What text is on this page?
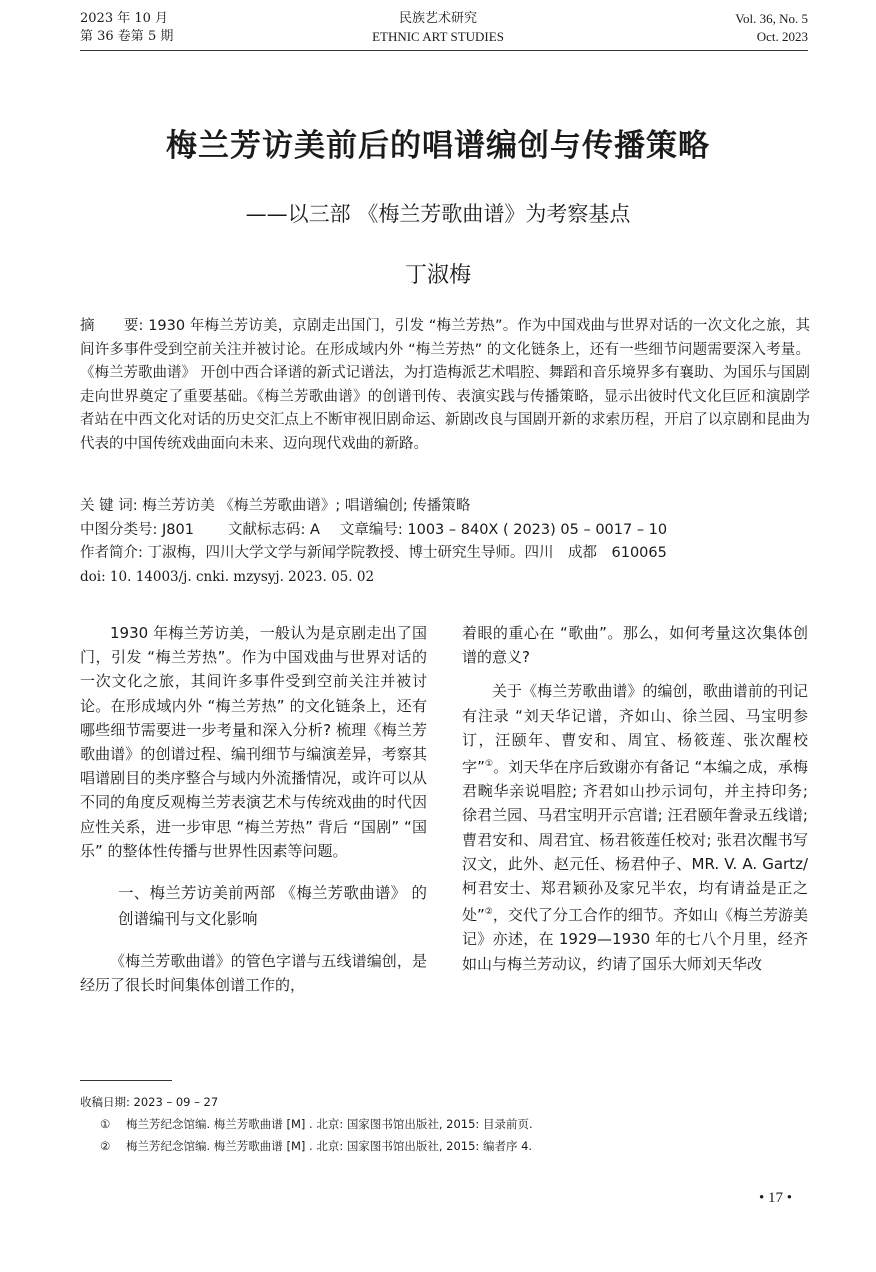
2023 年 10 月
第 36 卷第 5 期
民族艺术研究
ETHNIC ART STUDIES
Vol. 36, No. 5
Oct. 2023
梅兰芳访美前后的唱谱编创与传播策略
——以三部 《梅兰芳歌曲谱》为考察基点
丁淑梅
摘　　要: 1930 年梅兰芳访美，京剧走出国门，引发 “梅兰芳热”。作为中国戏曲与世界对话的一次文化之旅，其间许多事件受到空前关注并被讨论。在形成域内外 “梅兰芳热” 的文化链条上，还有一些细节问题需要深入考量。《梅兰芳歌曲谱》 开创中西合译谱的新式记谱法，为打造梅派艺术唱腔、舞蹈和音乐境界多有襄助、为国乐与国剧走向世界奠定了重要基础。《梅兰芳歌曲谱》的创谱刊传、表演实践与传播策略，显示出彼时代文化巨匠和演剧学者站在中西文化对话的历史交汇点上不断审视旧剧命运、新剧改良与国剧开新的求索历程，开启了以京剧和昆曲为代表的中国传统戏曲面向未来、迈向现代戏曲的新路。
关 键 词: 梅兰芳访美 《梅兰芳歌曲谱》; 唱谱编创; 传播策略
中图分类号: J801 文献标志码: A 文章编号: 1003 – 840X ( 2023) 05 – 0017 – 10
作者简介: 丁淑梅，四川大学文学与新闻学院教授、博士研究生导师。四川　成都　610065
doi: 10. 14003/j. cnki. mzysyj. 2023. 05. 02

1930 年梅兰芳访美，一般认为是京剧走出了国门，引发 “梅兰芳热”。作为中国戏曲与世界对话的一次文化之旅，其间许多事件受到空前关注并被讨论。在形成域内外 “梅兰芳热” 的文化链条上，还有哪些细节需要进一步考量和深入分析? 梳理《梅兰芳歌曲谱》的创谱过程、编刊细节与编演差异，考察其唱谱剧目的类序整合与域内外流播情况，或许可以从不同的角度反观梅兰芳表演艺术与传统戏曲的时代因应性关系，进一步审思 “梅兰芳热” 背后 “国剧” “国乐” 的整体性传播与世界性因素等问题。

一、梅兰芳访美前两部 《梅兰芳歌曲谱》 的创谱编刊与文化影响

《梅兰芳歌曲谱》的管色字谱与五线谱编创，是经历了很长时间集体创谱工作的，

着眼的重心在 “歌曲”。那么，如何考量这次集体创谱的意义?

关于《梅兰芳歌曲谱》的编创，歌曲谱前的刊记有注录 “刘天华记谱，齐如山、徐兰园、马宝明参订，汪颐年、曹安和、周宜、杨筱莲、张次醒校字”①。刘天华在序后致谢亦有备记 “本编之成，承梅君畹华亲说唱腔; 齐君如山抄示词句，并主持印务; 徐君兰园、马君宝明开示宫谱; 汪君颐年誊录五线谱; 曹君安和、周君宜、杨君筱莲任校对; 张君次醒书写汉文，此外、赵元任、杨君仲子、MR. V. A. Gartz/柯君安士、郑君颖孙及家兄半农，均有请益是正之处”②，交代了分工合作的细节。齐如山《梅兰芳游美记》亦述，在 1929—1930 年的七八个月里，经齐如山与梅兰芳动议，约请了国乐大师刘天华改

收稿日期: 2023 – 09 – 27
① 梅兰芳纪念馆编. 梅兰芳歌曲谱 [M] . 北京: 国家图书馆出版社, 2015: 目录前页.
② 梅兰芳纪念馆编. 梅兰芳歌曲谱 [M] . 北京: 国家图书馆出版社, 2015: 编者序 4.
• 17 •
